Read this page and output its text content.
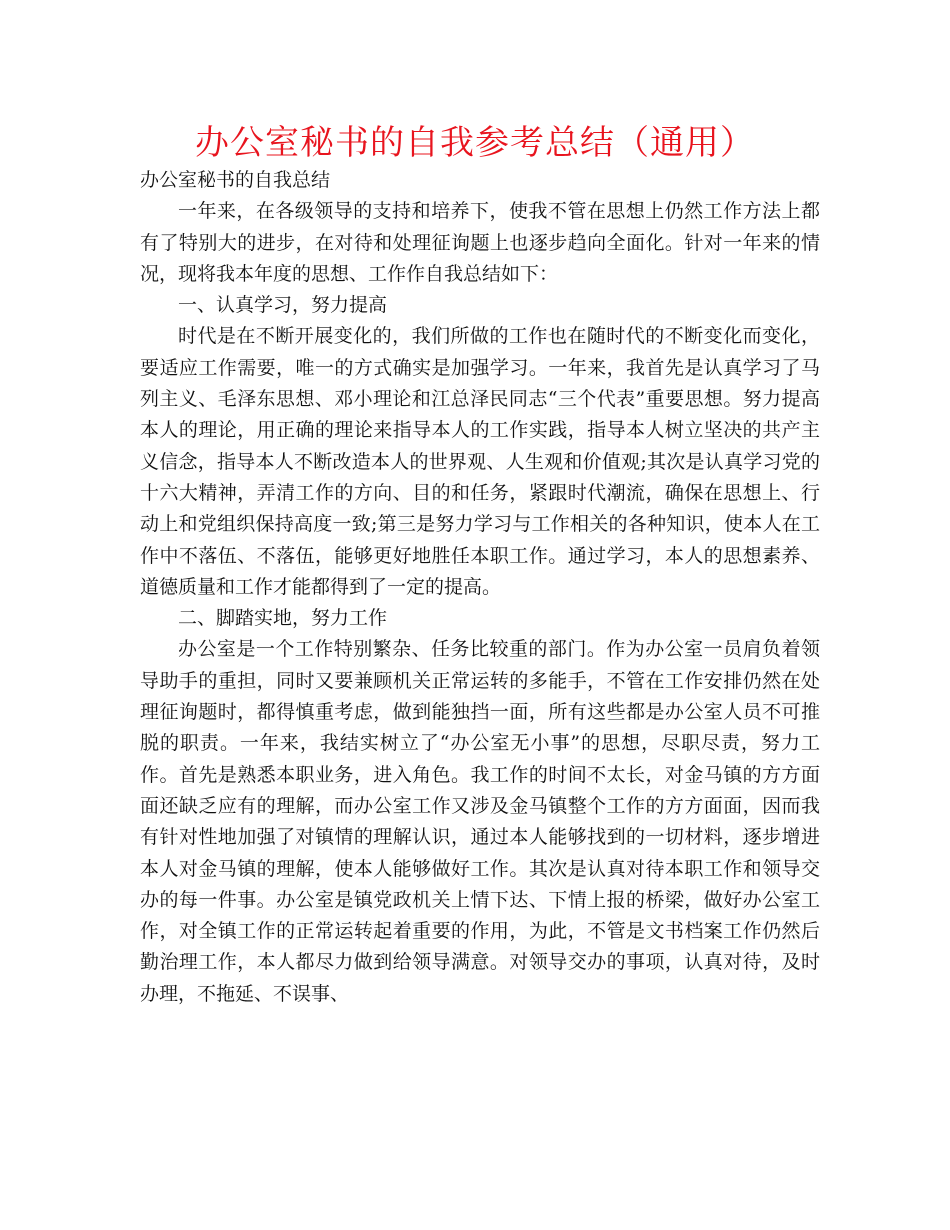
办公室秘书的自我参考总结（通用）

办公室秘书的自我总结

一年来，在各级领导的支持和培养下，使我不管在思想上仍然工作方法上都有了特别大的进步，在对待和处理征询题上也逐步趋向全面化。针对一年来的情况，现将我本年度的思想、工作作自我总结如下：

一、认真学习，努力提高

时代是在不断开展变化的，我们所做的工作也在随时代的不断变化而变化，要适应工作需要，唯一的方式确实是加强学习。一年来，我首先是认真学习了马列主义、毛泽东思想、邓小理论和江总泽民同志“三个代表”重要思想。努力提高本人的理论，用正确的理论来指导本人的工作实践，指导本人树立坚决的共产主义信念，指导本人不断改造本人的世界观、人生观和价值观;其次是认真学习党的十六大精神，弄清工作的方向、目的和任务，紧跟时代潮流，确保在思想上、行动上和党组织保持高度一致;第三是努力学习与工作相关的各种知识，使本人在工作中不落伍、不落伍，能够更好地胜任本职工作。通过学习，本人的思想素养、道德质量和工作才能都得到了一定的提高。

二、脚踏实地，努力工作

办公室是一个工作特别繁杂、任务比较重的部门。作为办公室一员肩负着领导助手的重担，同时又要兼顾机关正常运转的多能手，不管在工作安排仍然在处理征询题时，都得慎重考虑，做到能独挡一面，所有这些都是办公室人员不可推脱的职责。一年来，我结实树立了“办公室无小事”的思想，尽职尽责，努力工作。首先是熟悉本职业务，进入角色。我工作的时间不太长，对金马镇的方方面面还缺乏应有的理解，而办公室工作又涉及金马镇整个工作的方方面面，因而我有针对性地加强了对镇情的理解认识，通过本人能够找到的一切材料，逐步增进本人对金马镇的理解，使本人能够做好工作。其次是认真对待本职工作和领导交办的每一件事。办公室是镇党政机关上情下达、下情上报的桥梁，做好办公室工作，对全镇工作的正常运转起着重要的作用，为此，不管是文书档案工作仍然后勤治理工作，本人都尽力做到给领导满意。对领导交办的事项，认真对待，及时办理，不拖延、不误事、
